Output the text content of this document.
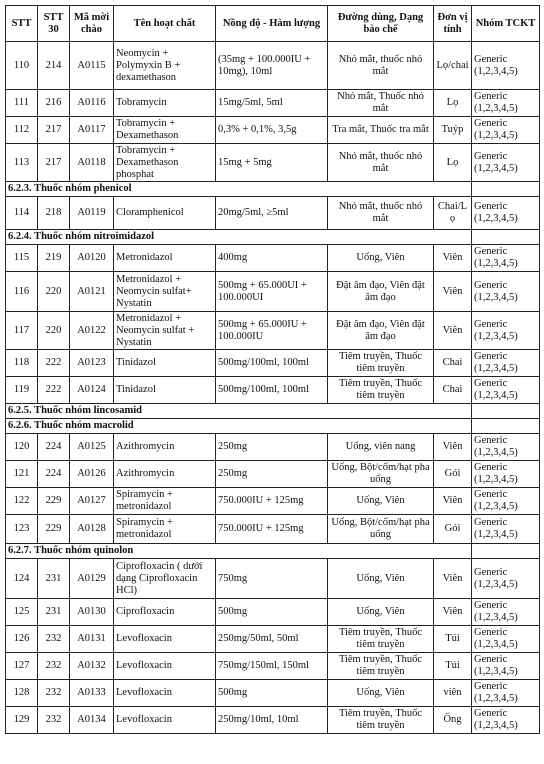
STT	STT 30	Mã mời chào	Tên hoạt chất	Nồng độ - Hàm lượng	Đường dùng, Dạng bào chế	Đơn vị tính	Nhóm TCKT
110	214	A0115	Neomycin + Polymyxin B + dexamethason	(35mg + 100.000IU + 10mg), 10ml	Nhỏ mắt, thuốc nhỏ mắt	Lọ/chai	Generic (1,2,3,4,5)
111	216	A0116	Tobramycin	15mg/5ml, 5ml	Nhỏ mắt, Thuốc nhỏ mắt	Lọ	Generic (1,2,3,4,5)
112	217	A0117	Tobramycin + Dexamethason	0,3% + 0,1%, 3,5g	Tra mắt, Thuốc tra mắt	Tuýp	Generic (1,2,3,4,5)
113	217	A0118	Tobramycin + Dexamethason phosphat	15mg + 5mg	Nhỏ mắt, thuốc nhỏ mắt	Lọ	Generic (1,2,3,4,5)
6.2.3. Thuốc nhóm phenicol							
114	218	A0119	Cloramphenicol	20mg/5ml, ≥5ml	Nhỏ mắt, thuốc nhỏ mắt	Chai/Lọ	Generic (1,2,3,4,5)
6.2.4. Thuốc nhóm nitroimidazol							
115	219	A0120	Metronidazol	400mg	Uống, Viên	Viên	Generic (1,2,3,4,5)
116	220	A0121	Metronidazol + Neomycin sulfat+ Nystatin	500mg + 65.000UI + 100.000UI	Đặt âm đạo, Viên đặt âm đạo	Viên	Generic (1,2,3,4,5)
117	220	A0122	Metronidazol + Neomycin sulfat + Nystatin	500mg + 65.000IU + 100.000IU	Đặt âm đạo, Viên đặt âm đạo	Viên	Generic (1,2,3,4,5)
118	222	A0123	Tinidazol	500mg/100ml, 100ml	Tiêm truyền, Thuốc tiêm truyền	Chai	Generic (1,2,3,4,5)
119	222	A0124	Tinidazol	500mg/100ml, 100ml	Tiêm truyền, Thuốc tiêm truyền	Chai	Generic (1,2,3,4,5)
6.2.5. Thuốc nhóm lincosamid							
6.2.6. Thuốc nhóm macrolid							
120	224	A0125	Azithromycin	250mg	Uống, viên nang	Viên	Generic (1,2,3,4,5)
121	224	A0126	Azithromycin	250mg	Uống, Bột/cốm/hạt pha uống	Gói	Generic (1,2,3,4,5)
122	229	A0127	Spiramycin + metronidazol	750.000IU + 125mg	Uống, Viên	Viên	Generic (1,2,3,4,5)
123	229	A0128	Spiramycin + metronidazol	750.000IU + 125mg	Uống, Bột/cốm/hạt pha uống	Gói	Generic (1,2,3,4,5)
6.2.7. Thuốc nhóm quinolon							
124	231	A0129	Ciprofloxacin ( dưới dạng Ciprofloxacin HCl)	750mg	Uống, Viên	Viên	Generic (1,2,3,4,5)
125	231	A0130	Ciprofloxacin	500mg	Uống, Viên	Viên	Generic (1,2,3,4,5)
126	232	A0131	Levofloxacin	250mg/50ml, 50ml	Tiêm truyền, Thuốc tiêm truyền	Túi	Generic (1,2,3,4,5)
127	232	A0132	Levofloxacin	750mg/150ml, 150ml	Tiêm truyền, Thuốc tiêm truyền	Túi	Generic (1,2,3,4,5)
128	232	A0133	Levofloxacin	500mg	Uống, Viên	viên	Generic (1,2,3,4,5)
129	232	A0134	Levofloxacin	250mg/10ml, 10ml	Tiêm truyền, Thuốc tiêm truyền	Ống	Generic (1,2,3,4,5)
